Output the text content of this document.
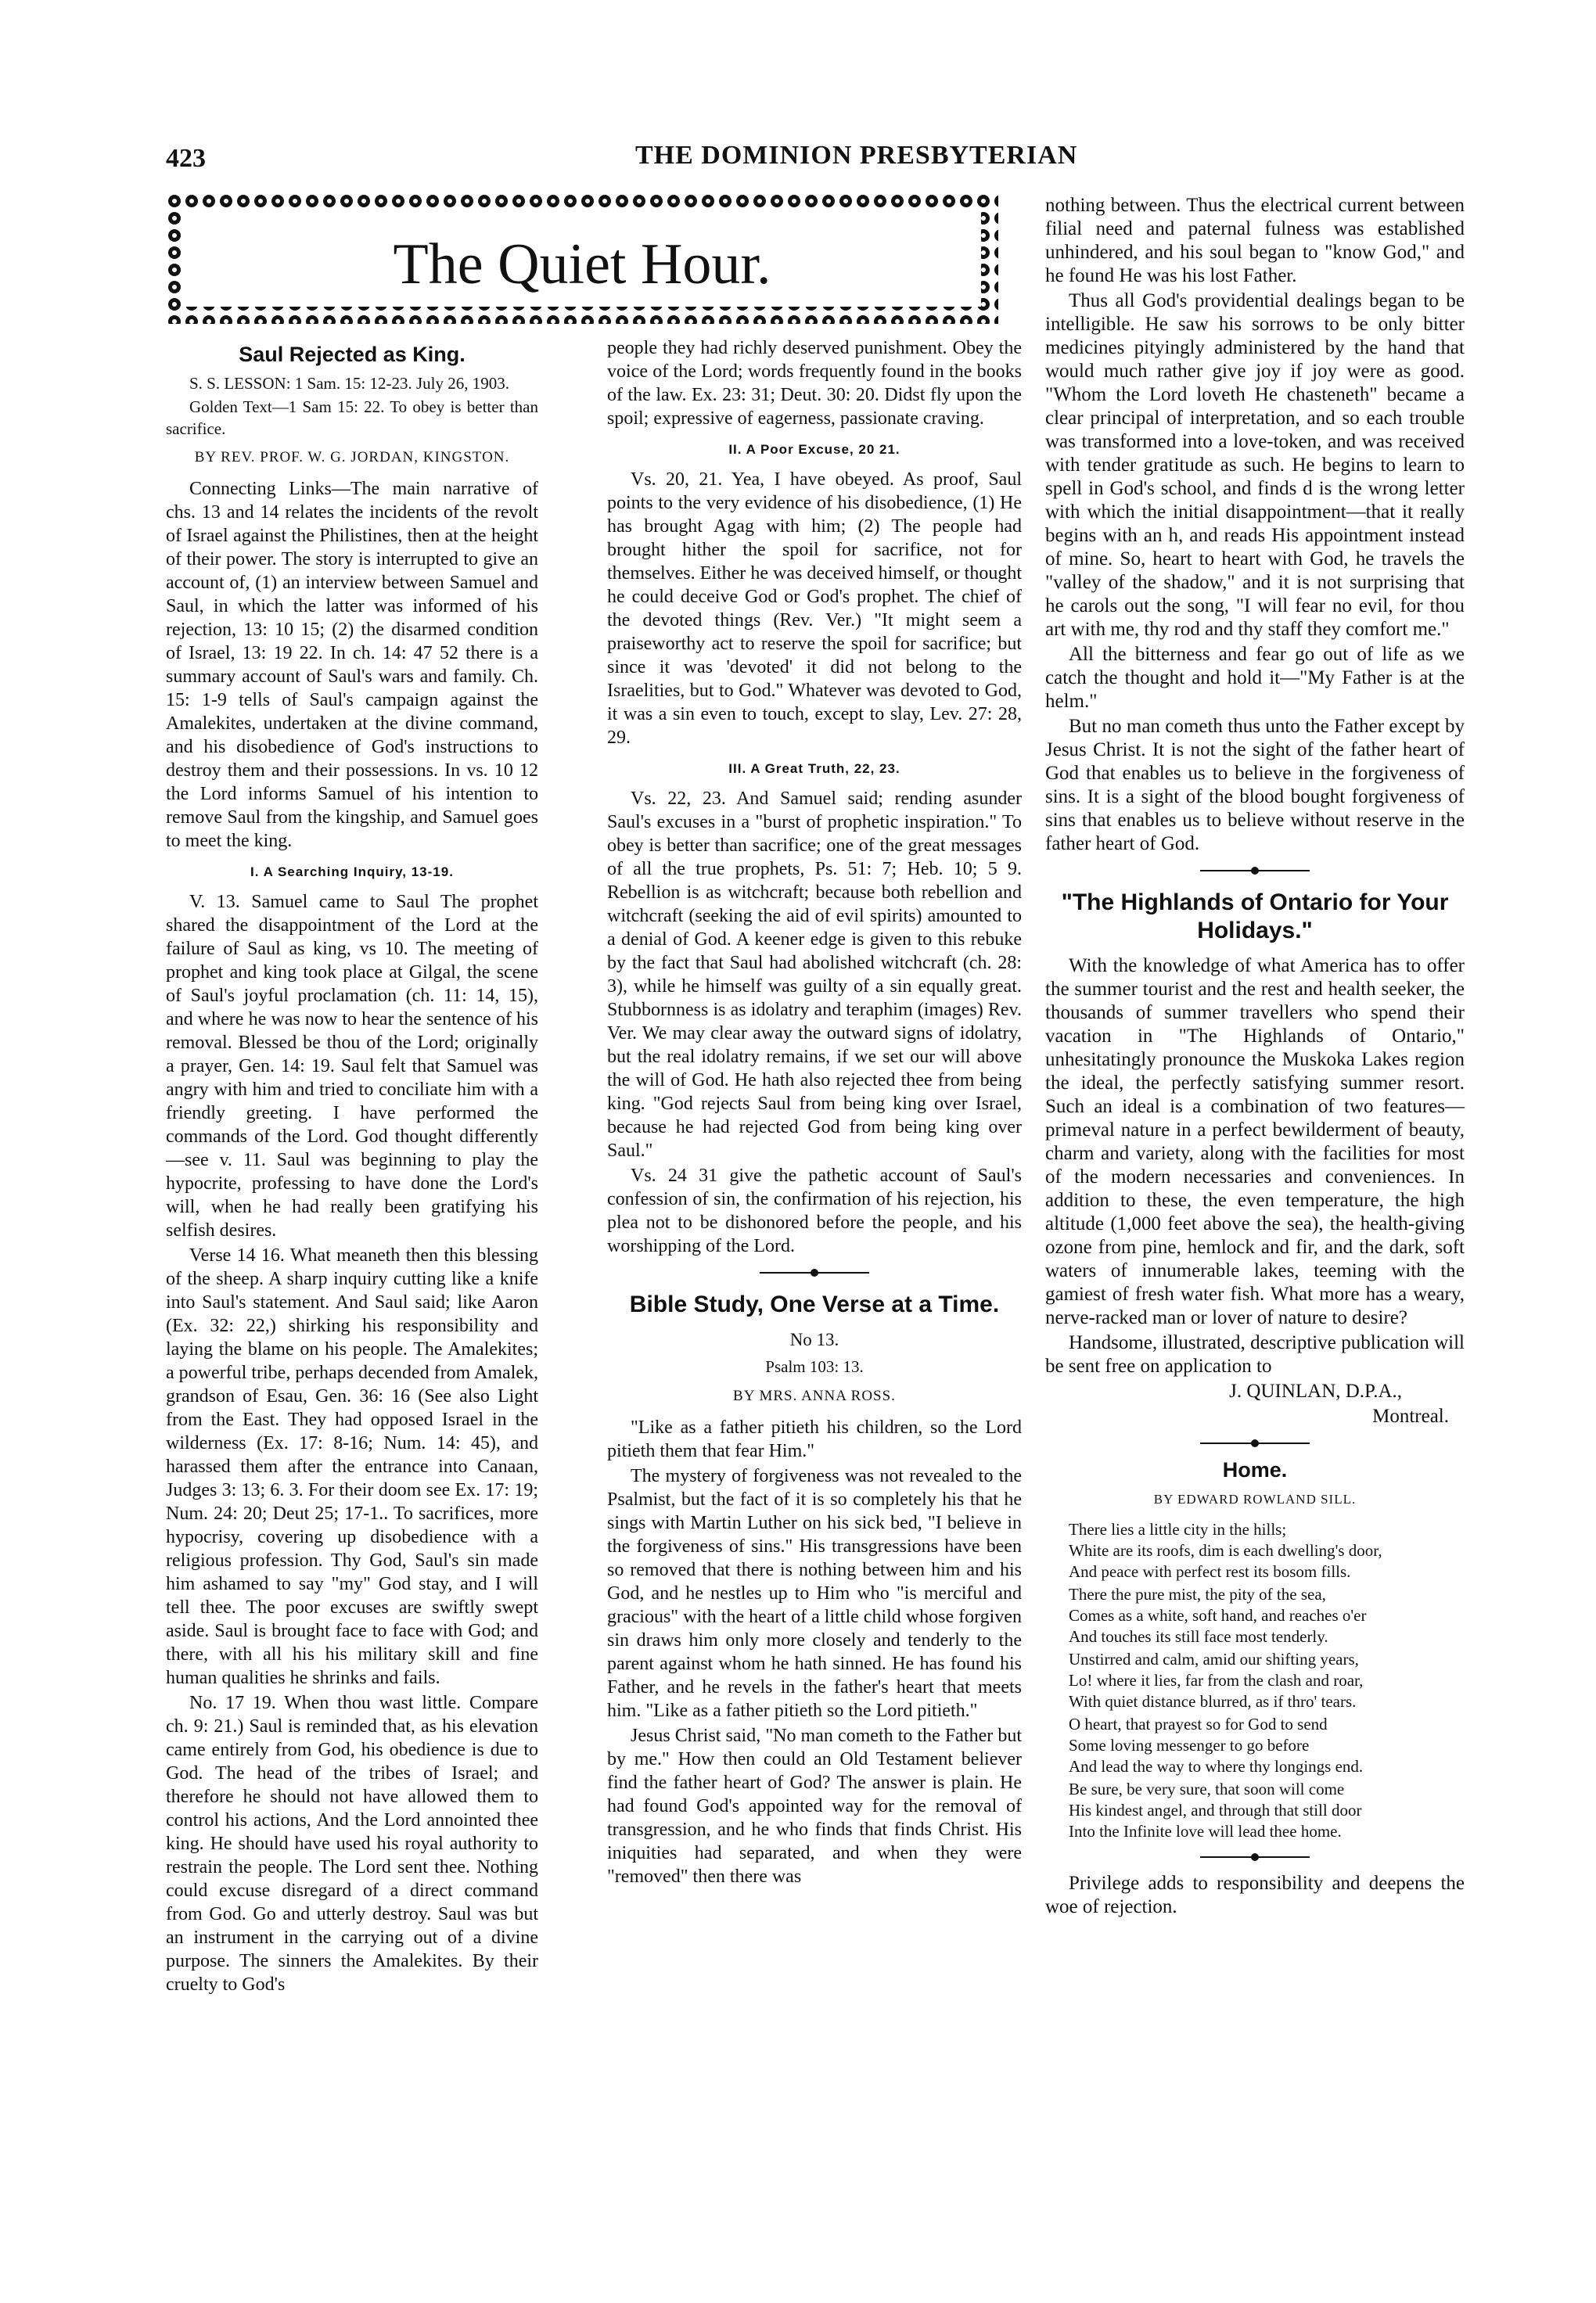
423	THE DOMINION PRESBYTERIAN
The Quiet Hour.
Saul Rejected as King.

S. S. LESSON: 1 Sam. 15: 12-23. July 26, 1903.

Golden Text—1 Sam 15: 22. To obey is better than sacrifice.

BY REV. PROF. W. G. JORDAN, KINGSTON.

Connecting Links—The main narrative of chs. 13 and 14 relates the incidents of the revolt of Israel against the Philistines, then at the height of their power. The story is interrupted to give an account of, (1) an interview between Samuel and Saul, in which the latter was informed of his rejection, 13: 10 15; (2) the disarmed condition of Israel, 13: 19 22. In ch. 14: 47 52 there is a summary account of Saul's wars and family. Ch. 15: 1-9 tells of Saul's campaign against the Amalekites, undertaken at the divine command, and his disobedience of God's instructions to destroy them and their possessions. In vs. 10 12 the Lord informs Samuel of his intention to remove Saul from the kingship, and Samuel goes to meet the king.

I. A Searching Inquiry, 13-19.

V. 13. Samuel came to Saul The prophet shared the disappointment of the Lord at the failure of Saul as king, vs 10. The meeting of prophet and king took place at Gilgal, the scene of Saul's joyful proclamation (ch. 11: 14, 15), and where he was now to hear the sentence of his removal. Blessed be thou of the Lord; originally a prayer, Gen. 14: 19. Saul felt that Samuel was angry with him and tried to conciliate him with a friendly greeting. I have performed the commands of the Lord. God thought differently—see v. 11. Saul was beginning to play the hypocrite, professing to have done the Lord's will, when he had really been gratifying his selfish desires.

Verse 14 16. What meaneth then this blessing of the sheep. A sharp inquiry cutting like a knife into Saul's statement. And Saul said; like Aaron (Ex. 32: 22,) shirking his responsibility and laying the blame on his people. The Amalekites; a powerful tribe, perhaps decended from Amalek, grandson of Esau, Gen. 36: 16 (See also Light from the East. They had opposed Israel in the wilderness (Ex. 17: 8-16; Num. 14: 45), and harassed them after the entrance into Canaan, Judges 3: 13; 6. 3. For their doom see Ex. 17: 19; Num. 24: 20; Deut 25; 17-1.. To sacrifices, more hypocrisy, covering up disobedience with a religious profession. Thy God, Saul's sin made him ashamed to say "my" God stay, and I will tell thee. The poor excuses are swiftly swept aside. Saul is brought face to face with God; and there, with all his his military skill and fine human qualities he shrinks and fails.

No. 17 19. When thou wast little. Compare ch. 9: 21.) Saul is reminded that, as his elevation came entirely from God, his obedience is due to God. The head of the tribes of Israel; and therefore he should not have allowed them to control his actions, And the Lord annointed thee king. He should have used his royal authority to restrain the people. The Lord sent thee. Nothing could excuse disregard of a direct command from God. Go and utterly destroy. Saul was but an instrument in the carrying out of a divine purpose. The sinners the Amalekites. By their cruelty to God's

people they had richly deserved punishment. Obey the voice of the Lord; words frequently found in the books of the law. Ex. 23: 31; Deut. 30: 20. Didst fly upon the spoil; expressive of eagerness, passionate craving.

II. A Poor Excuse, 20 21.

Vs. 20, 21. Yea, I have obeyed. As proof, Saul points to the very evidence of his disobedience, (1) He has brought Agag with him; (2) The people had brought hither the spoil for sacrifice, not for themselves. Either he was deceived himself, or thought he could deceive God or God's prophet. The chief of the devoted things (Rev. Ver.) "It might seem a praiseworthy act to reserve the spoil for sacrifice; but since it was 'devoted' it did not belong to the Israelities, but to God." Whatever was devoted to God, it was a sin even to touch, except to slay, Lev. 27: 28, 29.

III. A Great Truth, 22, 23.

Vs. 22, 23. And Samuel said; rending asunder Saul's excuses in a "burst of prophetic inspiration." To obey is better than sacrifice; one of the great messages of all the true prophets, Ps. 51: 7; Heb. 10; 5 9. Rebellion is as witchcraft; because both rebellion and witchcraft (seeking the aid of evil spirits) amounted to a denial of God. A keener edge is given to this rebuke by the fact that Saul had abolished witchcraft (ch. 28: 3), while he himself was guilty of a sin equally great. Stubbornness is as idolatry and teraphim (images) Rev. Ver. We may clear away the outward signs of idolatry, but the real idolatry remains, if we set our will above the will of God. He hath also rejected thee from being king. "God rejects Saul from being king over Israel, because he had rejected God from being king over Saul."

Vs. 24 31 give the pathetic account of Saul's confession of sin, the confirmation of his rejection, his plea not to be dishonored before the people, and his worshipping of the Lord.

Bible Study, One Verse at a Time.
No 13.
Psalm 103: 13.
BY MRS. ANNA ROSS.

"Like as a father pitieth his children, so the Lord pitieth them that fear Him."

The mystery of forgiveness was not revealed to the Psalmist, but the fact of it is so completely his that he sings with Martin Luther on his sick bed, "I believe in the forgiveness of sins." His transgressions have been so removed that there is nothing between him and his God, and he nestles up to Him who "is merciful and gracious" with the heart of a little child whose forgiven sin draws him only more closely and tenderly to the parent against whom he hath sinned. He has found his Father, and he revels in the father's heart that meets him. "Like as a father pitieth so the Lord pitieth."

Jesus Christ said, "No man cometh to the Father but by me." How then could an Old Testament believer find the father heart of God? The answer is plain. He had found God's appointed way for the removal of transgression, and he who finds that finds Christ. His iniquities had separated, and when they were "removed" then there was

nothing between. Thus the electrical current between filial need and paternal fulness was established unhindered, and his soul began to "know God," and he found He was his lost Father.

Thus all God's providential dealings began to be intelligible. He saw his sorrows to be only bitter medicines pityingly administered by the hand that would much rather give joy if joy were as good. "Whom the Lord loveth He chasteneth" became a clear principal of interpretation, and so each trouble was transformed into a love-token, and was received with tender gratitude as such. He begins to learn to spell in God's school, and finds d is the wrong letter with which the initial disappointment—that it really begins with an h, and reads His appointment instead of mine. So, heart to heart with God, he travels the "valley of the shadow," and it is not surprising that he carols out the song, "I will fear no evil, for thou art with me, thy rod and thy staff they comfort me."

All the bitterness and fear go out of life as we catch the thought and hold it—"My Father is at the helm."

But no man cometh thus unto the Father except by Jesus Christ. It is not the sight of the father heart of God that enables us to believe in the forgiveness of sins. It is a sight of the blood bought forgiveness of sins that enables us to believe without reserve in the father heart of God.

"The Highlands of Ontario for Your Holidays."

With the knowledge of what America has to offer the summer tourist and the rest and health seeker, the thousands of summer travellers who spend their vacation in "The Highlands of Ontario," unhesitatingly pronounce the Muskoka Lakes region the ideal, the perfectly satisfying summer resort. Such an ideal is a combination of two features—primeval nature in a perfect bewilderment of beauty, charm and variety, along with the facilities for most of the modern necessaries and conveniences. In addition to these, the even temperature, the high altitude (1,000 feet above the sea), the health-giving ozone from pine, hemlock and fir, and the dark, soft waters of innumerable lakes, teeming with the gamiest of fresh water fish. What more has a weary, nerve-racked man or lover of nature to desire?

Handsome, illustrated, descriptive publication will be sent free on application to

J. QUINLAN, D.P.A.,

Montreal.

Home.
BY EDWARD ROWLAND SILL.

There lies a little city in the hills;
White are its roofs, dim is each dwelling's door,
And peace with perfect rest its bosom fills.

There the pure mist, the pity of the sea,
Comes as a white, soft hand, and reaches o'er
And touches its still face most tenderly.

Unstirred and calm, amid our shifting years,
Lo! where it lies, far from the clash and roar,
With quiet distance blurred, as if thro' tears.

O heart, that prayest so for God to send
Some loving messenger to go before
And lead the way to where thy longings end.

Be sure, be very sure, that soon will come
His kindest angel, and through that still door
Into the Infinite love will lead thee home.

Privilege adds to responsibility and deepens the woe of rejection.
